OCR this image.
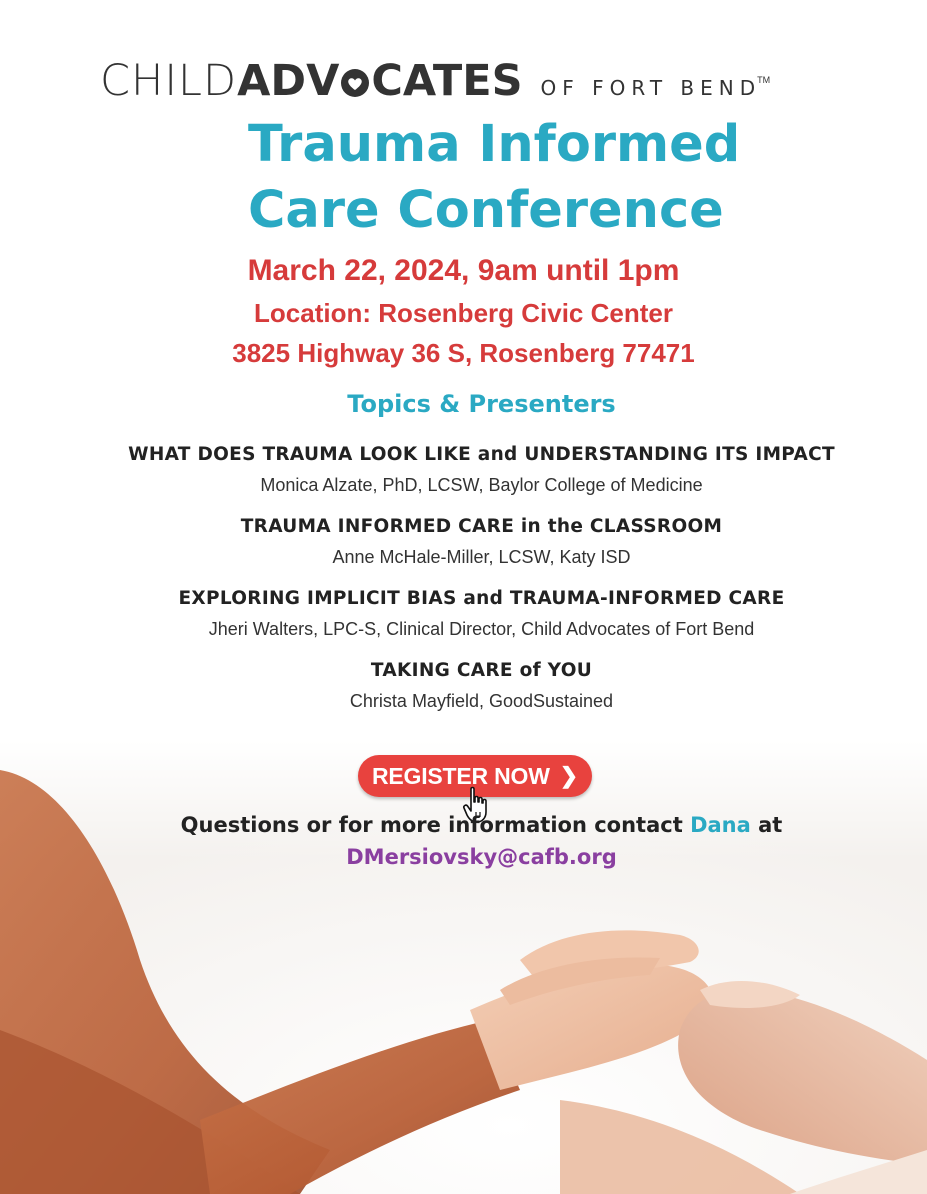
CHILD ADV CATES OF FORT BEND
TM
Trauma Informed
Care Conference
March 22, 2024, 9am until 1pm
Location: Rosenberg Civic Center
3825 Highway 36 S, Rosenberg 77471
Topics & Presenters
WHAT DOES TRAUMA LOOK LIKE and UNDERSTANDING ITS IMPACT
Monica Alzate, PhD, LCSW, Baylor College of Medicine
TRAUMA INFORMED CARE in the CLASSROOM
Anne McHale-Miller, LCSW, Katy ISD
EXPLORING IMPLICIT BIAS and TRAUMA-INFORMED CARE
Jheri Walters, LPC-S, Clinical Director, Child Advocates of Fort Bend
TAKING CARE of YOU
Christa Mayfield, GoodSustained
REGISTER NOW ❯
Questions or for more information contact Dana at
DMersiovsky@cafb.org
